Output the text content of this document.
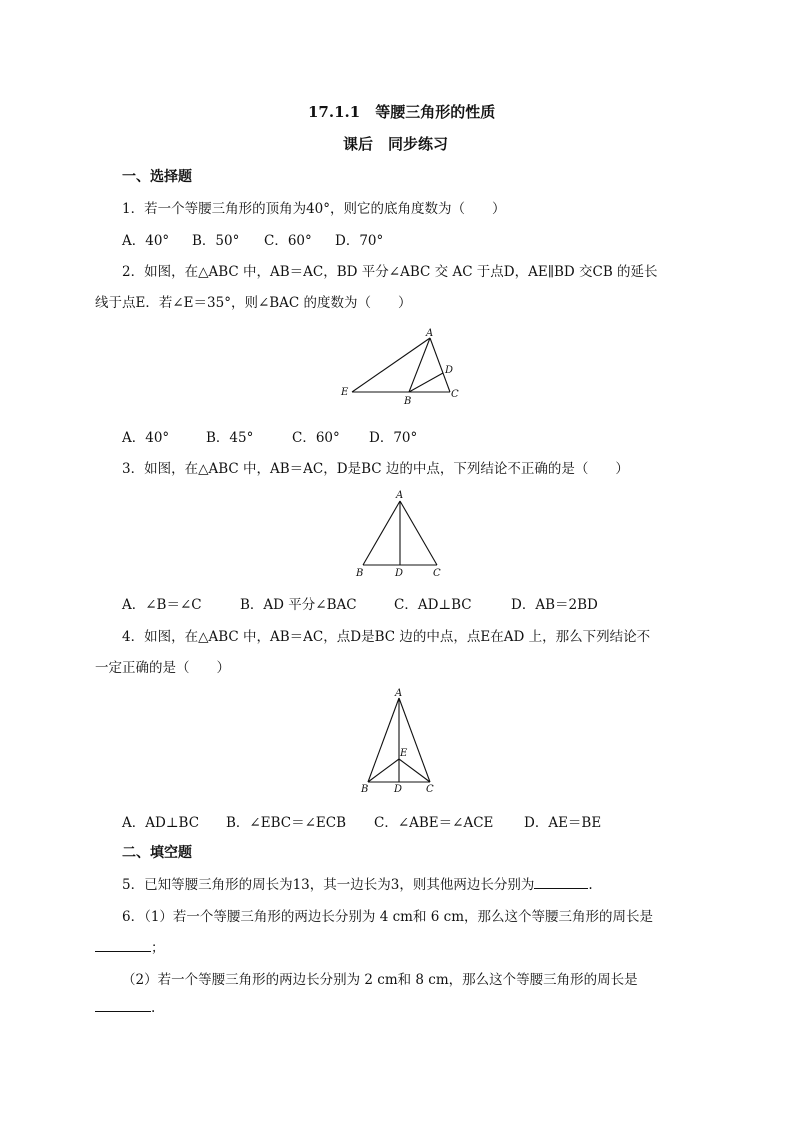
17.1.1　等腰三角形的性质
课后　同步练习
一、选择题
1．若一个等腰三角形的顶角为40°，则它的底角度数为（　　）
A．40° B．50° C．60° D．70°
2．如图，在△ABC 中，AB＝AC，BD 平分∠ABC 交 AC 于点D，AE∥BD 交CB 的延长
线于点E．若∠E＝35°，则∠BAC 的度数为（　　）
A
D
E
B
C
A．40°	B．45°	C．60° D．70°
3．如图，在△ABC 中，AB＝AC，D是BC 边的中点，下列结论不正确的是（　　）
A
B	D	C
A．∠B＝∠C	B．AD 平分∠BAC	C．AD⊥BC	D．AB＝2BD
4．如图，在△ABC 中，AB＝AC，点D是BC 边的中点，点E在AD 上，那么下列结论不
一定正确的是（　　）
A
E
B	D C
A．AD⊥BC B．∠EBC＝∠ECB C．∠ABE＝∠ACE D．AE＝BE
二、填空题
5．已知等腰三角形的周长为13，其一边长为3，则其他两边长分别为	.
6．（1）若一个等腰三角形的两边长分别为 4 cm和 6 cm，那么这个等腰三角形的周长是
；
（2）若一个等腰三角形的两边长分别为 2 cm和 8 cm，那么这个等腰三角形的周长是
.
